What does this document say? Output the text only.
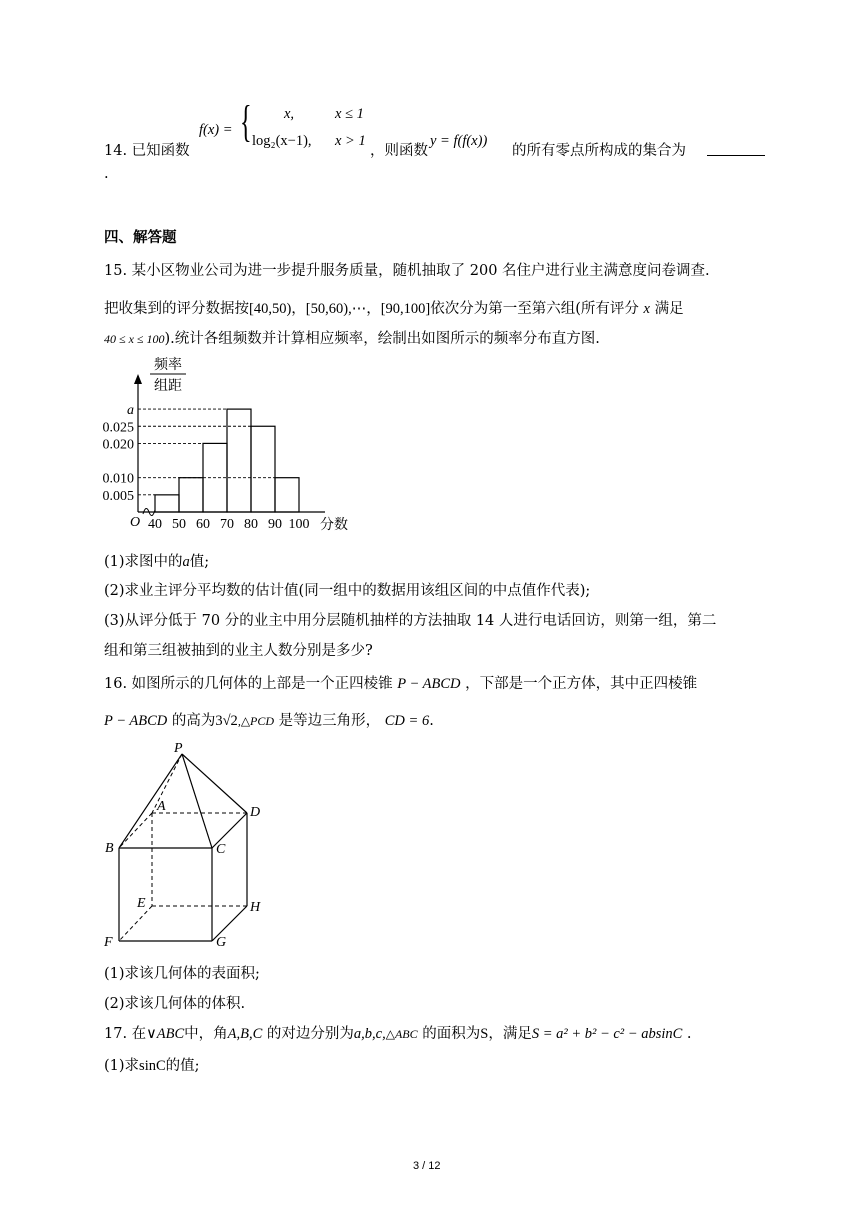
14. 已知函数
f(x) = { x,	x ≤ 1
log₂(x−1), x > 1
，则函数
y = f(f(x))
的所有零点所构成的集合为
.
四、解答题
15. 某小区物业公司为进一步提升服务质量，随机抽取了 200 名住户进行业主满意度问卷调查.
把收集到的评分数据按[40,50)，[50,60),⋯，[90,100]依次分为第一至第六组(所有评分 x 满足
40 ≤ x ≤ 100).统计各组频数并计算相应频率，绘制出如图所示的频率分布直方图.
a
0.025
0.020
0.010
0.005
O 40 50 60 70 80 90 100 分数
频率
组距
(1)求图中的a值;
(2)求业主评分平均数的估计值(同一组中的数据用该组区间的中点值作代表);
(3)从评分低于 70 分的业主中用分层随机抽样的方法抽取 14 人进行电话回访，则第一组，第二
组和第三组被抽到的业主人数分别是多少?
16. 如图所示的几何体的上部是一个正四棱锥 P − ABCD ，下部是一个正方体，其中正四棱锥
P − ABCD 的高为3√2,△PCD 是等边三角形， CD = 6.
P
A	D
B	C
E	H
F	G
(1)求该几何体的表面积;
(2)求该几何体的体积.
17. 在∨ABC中，角A,B,C 的对边分别为a,b,c,△ABC 的面积为S，满足S = a² + b² − c² − absinC .
(1)求sinC的值;
3 / 12
